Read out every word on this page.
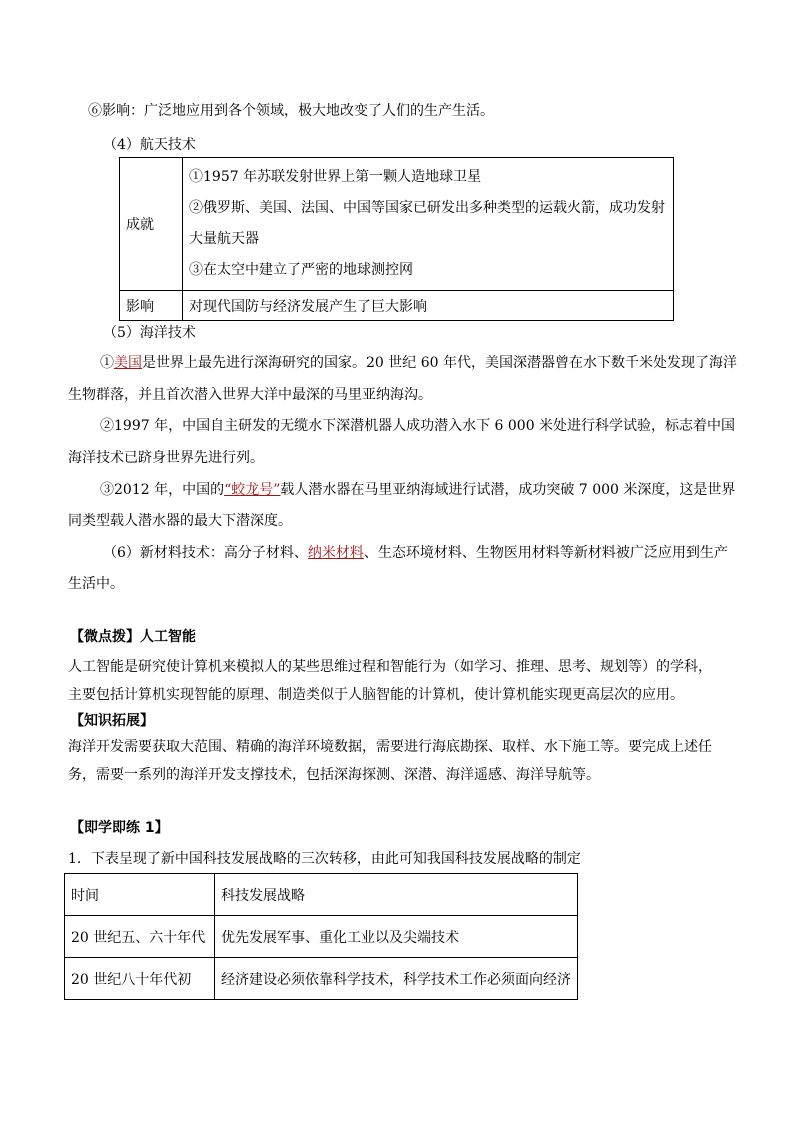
⑥影响：广泛地应用到各个领域，极大地改变了人们的生产生活。
（4）航天技术
成就	①1957 年苏联发射世界上第一颗人造地球卫星
②俄罗斯、美国、法国、中国等国家已研发出多种类型的运载火箭，成功发射
大量航天器
③在太空中建立了严密的地球测控网

影响	对现代国防与经济发展产生了巨大影响
（5）海洋技术
①美国是世界上最先进行深海研究的国家。20 世纪 60 年代，美国深潜器曾在水下数千米处发现了海洋
生物群落，并且首次潜入世界大洋中最深的马里亚纳海沟。
②1997 年，中国自主研发的无缆水下深潜机器人成功潜入水下 6 000 米处进行科学试验，标志着中国
海洋技术已跻身世界先进行列。
③2012 年，中国的“蛟龙号”载人潜水器在马里亚纳海域进行试潜，成功突破 7 000 米深度，这是世界
同类型载人潜水器的最大下潜深度。
（6）新材料技术：高分子材料、纳米材料、生态环境材料、生物医用材料等新材料被广泛应用到生产
生活中。
【微点拨】人工智能
人工智能是研究使计算机来模拟人的某些思维过程和智能行为（如学习、推理、思考、规划等）的学科，
主要包括计算机实现智能的原理、制造类似于人脑智能的计算机，使计算机能实现更高层次的应用。
【知识拓展】
海洋开发需要获取大范围、精确的海洋环境数据，需要进行海底勘探、取样、水下施工等。要完成上述任
务，需要一系列的海洋开发支撑技术，包括深海探测、深潜、海洋遥感、海洋导航等。
【即学即练 1】
1．下表呈现了新中国科技发展战略的三次转移，由此可知我国科技发展战略的制定
时间	科技发展战略
20 世纪五、六十年代	优先发展军事、重化工业以及尖端技术
20 世纪八十年代初	经济建设必须依靠科学技术，科学技术工作必须面向经济
